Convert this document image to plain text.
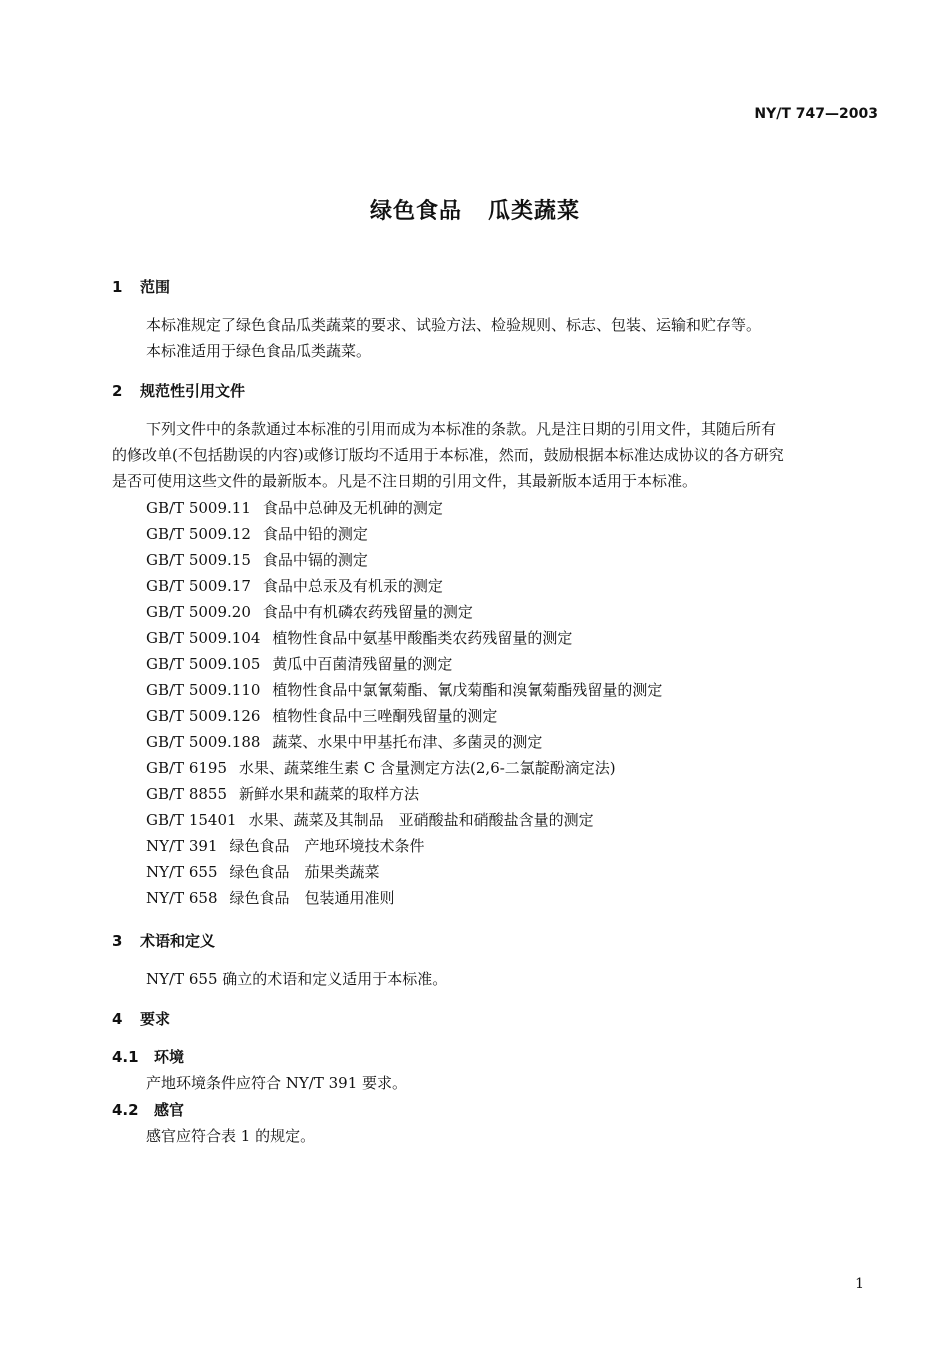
NY/T 747—2003
绿色食品 瓜类蔬菜
1 范围
本标准规定了绿色食品瓜类蔬菜的要求、试验方法、检验规则、标志、包装、运输和贮存等。
本标准适用于绿色食品瓜类蔬菜。
2 规范性引用文件
下列文件中的条款通过本标准的引用而成为本标准的条款。凡是注日期的引用文件，其随后所有
的修改单(不包括勘误的内容)或修订版均不适用于本标准，然而，鼓励根据本标准达成协议的各方研究
是否可使用这些文件的最新版本。凡是不注日期的引用文件，其最新版本适用于本标准。
GB/T 5009.11 食品中总砷及无机砷的测定
GB/T 5009.12 食品中铅的测定
GB/T 5009.15 食品中镉的测定
GB/T 5009.17 食品中总汞及有机汞的测定
GB/T 5009.20 食品中有机磷农药残留量的测定
GB/T 5009.104 植物性食品中氨基甲酸酯类农药残留量的测定
GB/T 5009.105 黄瓜中百菌清残留量的测定
GB/T 5009.110 植物性食品中氯氰菊酯、氰戊菊酯和溴氰菊酯残留量的测定
GB/T 5009.126 植物性食品中三唑酮残留量的测定
GB/T 5009.188 蔬菜、水果中甲基托布津、多菌灵的测定
GB/T 6195 水果、蔬菜维生素 C 含量测定方法(2,6-二氯靛酚滴定法)
GB/T 8855 新鲜水果和蔬菜的取样方法
GB/T 15401 水果、蔬菜及其制品　亚硝酸盐和硝酸盐含量的测定
NY/T 391 绿色食品　产地环境技术条件
NY/T 655 绿色食品　茄果类蔬菜
NY/T 658 绿色食品　包装通用准则
3 术语和定义
NY/T 655 确立的术语和定义适用于本标准。
4 要求
4.1 环境
产地环境条件应符合 NY/T 391 要求。
4.2 感官
感官应符合表 1 的规定。
1
